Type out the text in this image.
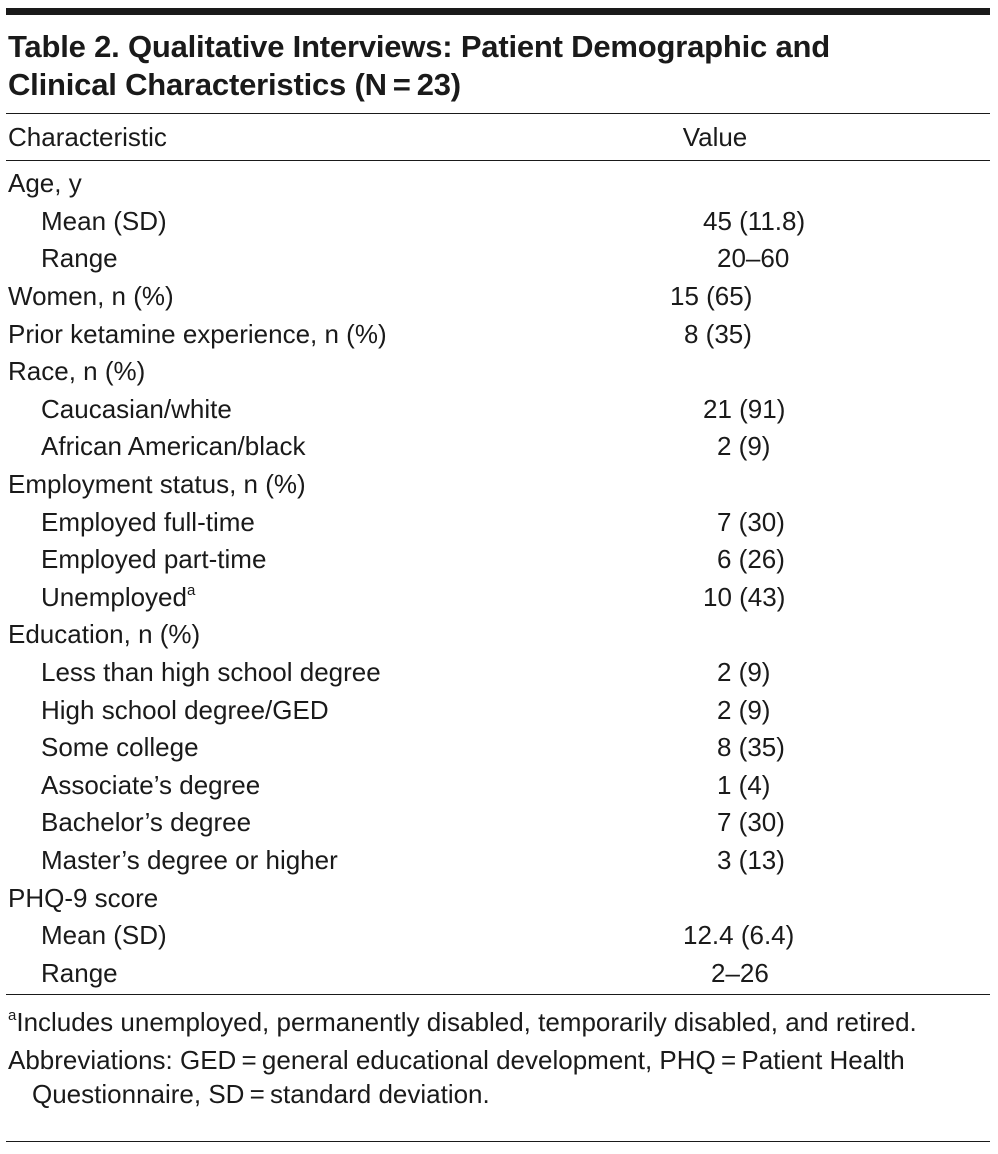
Table 2. Qualitative Interviews: Patient Demographic and
Clinical Characteristics (N = 23)
Characteristic	Value
Age, y
Mean (SD)	45 (11.8)
Range	20–60
Women, n (%)	15 (65)
Prior ketamine experience, n (%)	8 (35)
Race, n (%)
Caucasian/white	21 (91)
African American/black	2 (9)
Employment status, n (%)
Employed full-time	7 (30)
Employed part-time	6 (26)
Unemployed$^a$	10 (43)
Education, n (%)
Less than high school degree	2 (9)
High school degree/GED	2 (9)
Some college	8 (35)
Associate’s degree	1 (4)
Bachelor’s degree	7 (30)
Master’s degree or higher	3 (13)
PHQ-9 score
Mean (SD)	12.4 (6.4)
Range	2–26
$^a$Includes unemployed, permanently disabled, temporarily disabled, and retired.
Abbreviations: GED = general educational development, PHQ = Patient Health Questionnaire, SD = standard deviation.
